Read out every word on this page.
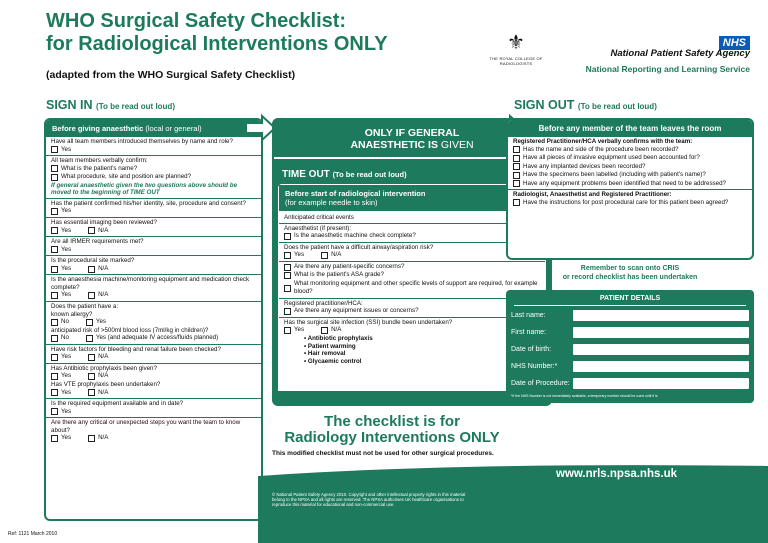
WHO Surgical Safety Checklist:
for Radiological Interventions ONLY
(adapted from the WHO Surgical Safety Checklist)
⚜
THE ROYAL COLLEGE OF RADIOLOGISTS
NHS
National Patient Safety Agency
National Reporting and Learning Service
SIGN IN (To be read out loud)
Before giving anaesthetic (local or general)
Have all team members introduced themselves by name and role?
Yes
All team members verbally confirm:
What is the patient's name?
What procedure, site and position are planned?
If general anaesthetic given the two questions above should be moved to the beginning of TIME OUT
Has the patient confirmed his/her identity, site, procedure and consent?
Yes
Has essential imaging been reviewed?
Yes	N/A
Are all IRMER requirements met?
Yes
Is the procedural site marked?
Yes	N/A
Is the anaesthesia machine/monitoring equipment and medication check complete?
Yes	N/A
Does the patient have a:
known allergy?
No	Yes
anticipated risk of >500ml blood loss (7ml/kg in children)?
No	Yes (and adequate IV access/fluids planned)
Have risk factors for bleeding and renal failure been checked?
Yes	N/A
Has Antibiotic prophylaxis been given?
Yes	N/A
Has VTE prophylaxis been undertaken?
Yes	N/A
Is the required equipment available and in date?
Yes
Are there any critical or unexpected steps you want the team to know about?
Yes	N/A
ONLY IF GENERAL
ANAESTHETIC IS GIVEN
TIME OUT (To be read out loud)
Before start of radiological intervention
(for example needle to skin)
Anticipated critical events
Anaesthetist (if present):
Is the anaesthetic machine check complete?
Does the patient have a difficult airway/aspiration risk?
Yes	N/A
Are there any patient-specific concerns?
What is the patient's ASA grade?
What monitoring equipment and other specific levels of support are required, for example blood?
Registered practitioner/HCA:
Are there any equipment issues or concerns?
Has the surgical site infection (SSI) bundle been undertaken?
Yes	N/A
• Antibiotic prophylaxis
• Patient warming
• Hair removal
• Glycaemic control
SIGN OUT (To be read out loud)
Before any member of the team leaves the room
Registered Practitioner/HCA verbally confirms with the team:
Has the name and side of the procedure been recorded?
Have all pieces of invasive equipment used been accounted for?
Have any implanted devices been recorded?
Have the specimens been labelled (including with patient's name)?
Have any equipment problems been identified that need to be addressed?
Radiologist, Anaesthetist and Registered Practitioner:
Have the instructions for post procedural care for this patient been agreed?
Remember to scan onto CRIS
or record checklist has been undertaken
PATIENT DETAILS
Last name:
First name:
Date of birth:
NHS Number:*
Date of Procedure:
*If the NHS Number is not immediately available, a temporary number should be used until it is
The checklist is for
Radiology Interventions ONLY
This modified checklist must not be used for other surgical procedures.
© National Patient Safety Agency 2010. Copyright and other intellectual property rights in this material belong to the NPSA and all rights are reserved. The NPSA authorises UK healthcare organisations to reproduce this material for educational and non-commercial use.
www.nrls.npsa.nhs.uk
Ref: 1121 March 2010
